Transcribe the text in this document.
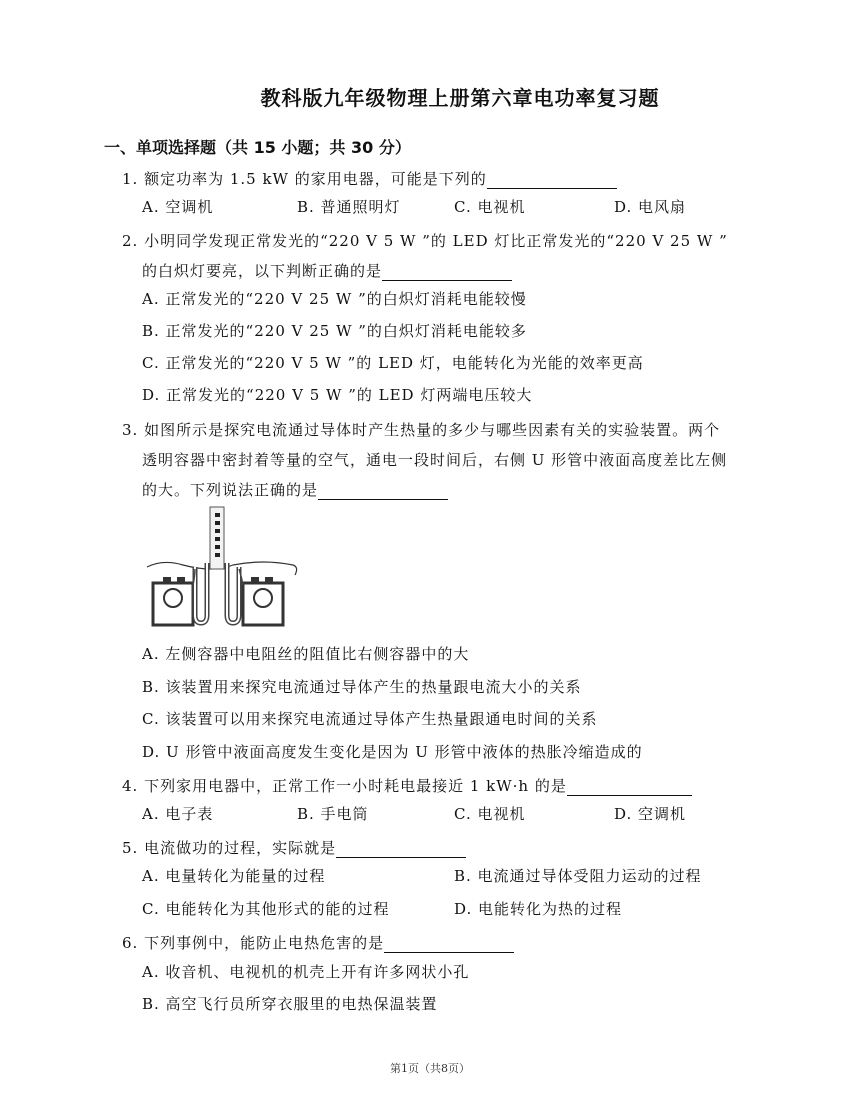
教科版九年级物理上册第六章电功率复习题
一、单项选择题（共 15 小题；共 30 分）
1. 额定功率为 1.5 kW 的家用电器，可能是下列的
A. 空调机	B. 普通照明灯	C. 电视机	D. 电风扇
2. 小明同学发现正常发光的“220 V 5 W ”的 LED 灯比正常发光的“220 V 25 W ”
的白炽灯要亮，以下判断正确的是
A. 正常发光的“220 V 25 W ”的白炽灯消耗电能较慢
B. 正常发光的“220 V 25 W ”的白炽灯消耗电能较多
C. 正常发光的“220 V 5 W ”的 LED 灯，电能转化为光能的效率更高
D. 正常发光的“220 V 5 W ”的 LED 灯两端电压较大
3. 如图所示是探究电流通过导体时产生热量的多少与哪些因素有关的实验装置。两个
透明容器中密封着等量的空气，通电一段时间后，右侧 U 形管中液面高度差比左侧
的大。下列说法正确的是
A. 左侧容器中电阻丝的阻值比右侧容器中的大
B. 该装置用来探究电流通过导体产生的热量跟电流大小的关系
C. 该装置可以用来探究电流通过导体产生热量跟通电时间的关系
D. U 形管中液面高度发生变化是因为 U 形管中液体的热胀冷缩造成的
4. 下列家用电器中，正常工作一小时耗电最接近 1 kW·h 的是
A. 电子表	B. 手电筒	C. 电视机	D. 空调机
5. 电流做功的过程，实际就是
A. 电量转化为能量的过程	B. 电流通过导体受阻力运动的过程
C. 电能转化为其他形式的能的过程	D. 电能转化为热的过程
6. 下列事例中，能防止电热危害的是
A. 收音机、电视机的机壳上开有许多网状小孔
B. 高空飞行员所穿衣服里的电热保温装置
第1页（共8页）
